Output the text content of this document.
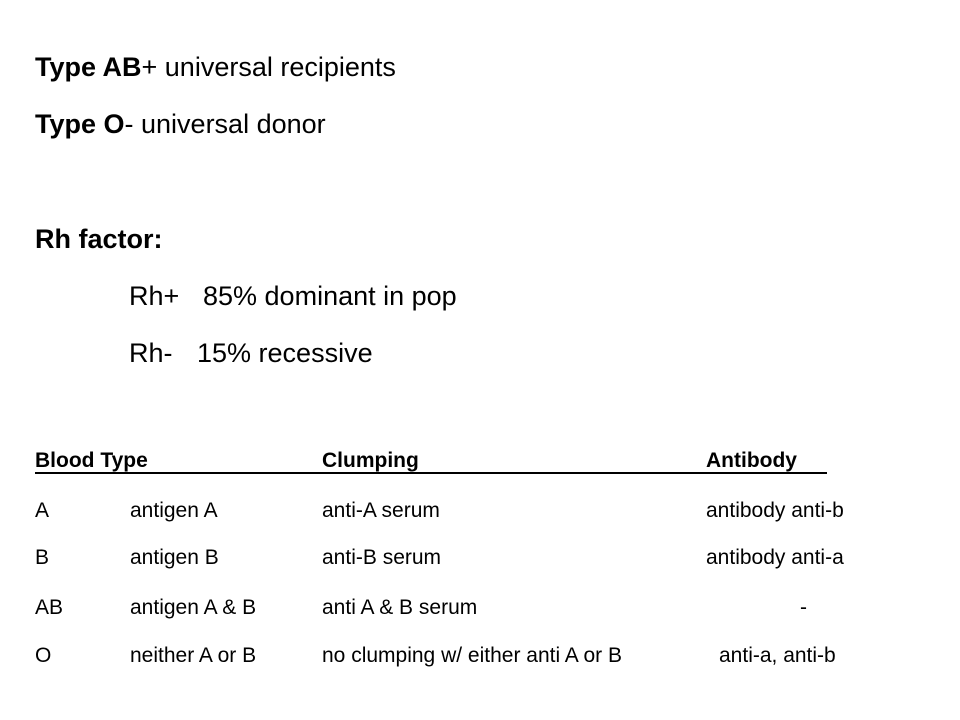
Type AB+ universal recipients
Type O- universal donor
Rh factor:
Rh+ 85% dominant in pop
Rh- 15% recessive
Blood Type	Clumping	Antibody
A	antigen A	anti-A serum	antibody anti-b
B	antigen B	anti-B serum	antibody anti-a
AB	antigen A & B	anti A & B serum	-
O	neither A or B	no clumping w/ either anti A or B	anti-a, anti-b
